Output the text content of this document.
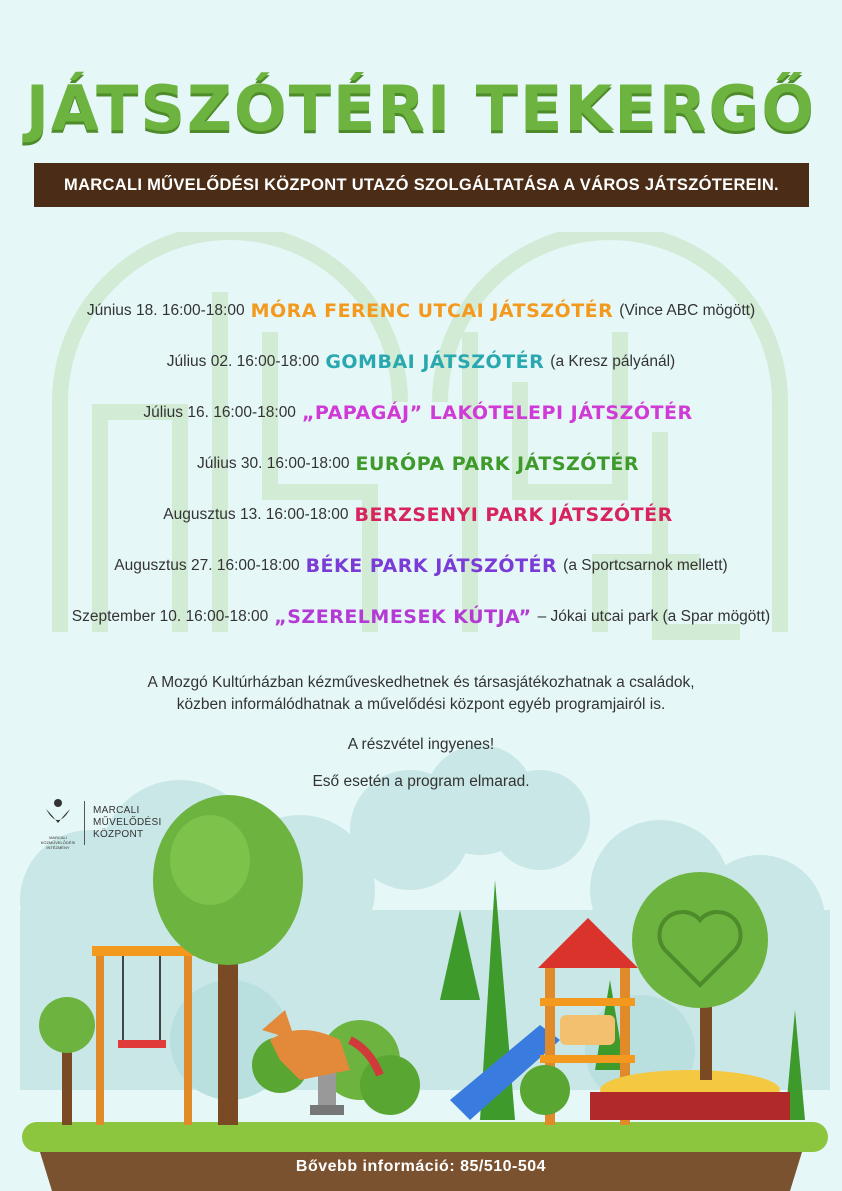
JÁTSZÓTÉRI TEKERGŐ
MARCALI MŰVELŐDÉSI KÖZPONT UTAZÓ SZOLGÁLTATÁSA A VÁROS JÁTSZÓTEREIN.
Június 18. 16:00-18:00 MÓRA FERENC UTCAI JÁTSZÓTÉR (Vince ABC mögött)
Július 02. 16:00-18:00 GOMBAI JÁTSZÓTÉR (a Kresz pályánál)
Július 16. 16:00-18:00 „PAPAGÁJ” LAKÓTELEPI JÁTSZÓTÉR
Július 30. 16:00-18:00 EURÓPA PARK JÁTSZÓTÉR
Augusztus 13. 16:00-18:00 BERZSENYI PARK JÁTSZÓTÉR
Augusztus 27. 16:00-18:00 BÉKE PARK JÁTSZÓTÉR (a Sportcsarnok mellett)
Szeptember 10. 16:00-18:00 „SZERELMESEK KÚTJA” – Jókai utcai park (a Spar mögött)
A Mozgó Kultúrházban kézműveskedhetnek és társasjátékozhatnak a családok,
közben informálódhatnak a művelődési központ egyéb programjairól is.
A részvétel ingyenes!
Eső esetén a program elmarad.
MARCALI
KÖZMŰVELŐDÉSI
INTÉZMÉNY
MARCALI
MŰVELŐDÉSI
KÖZPONT
Bővebb információ: 85/510-504
